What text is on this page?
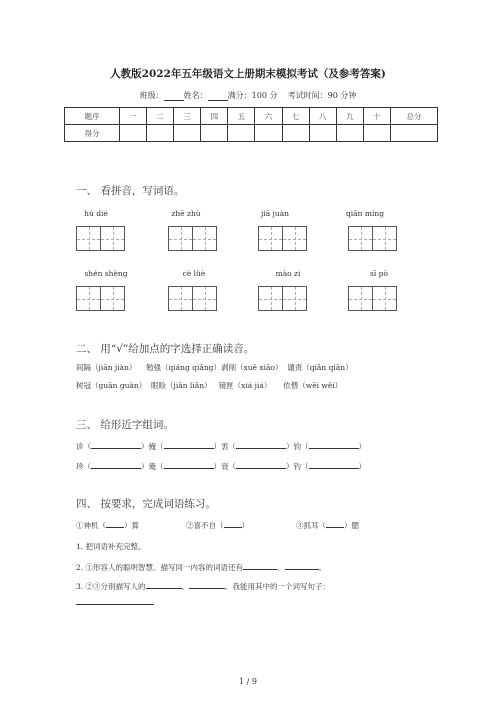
人教版2022年五年级语文上册期末模拟考试（及参考答案)
班级：	姓名：	满分：100 分 考试时间：90 分钟
题序	一	二	三	四	五	六	七	八	九	十	总分
得分											
一、 看拼音，写词语。
hú dié	zhē zhù	jiā juàn	qiān míng
shén shèng	cè lüè	mào zi	sī pò
二、 用“√”给加点的字选择正确读音。
间隔（jiān jiàn）    勉强（qiáng qiǎng）剥削（xuē xiāo）  谴责（qiǎn qiān）
树冠（guān guàn）  眼睑（jiǎn liǎn）   镜匣（xiá jiá）     依偎（wēi wěi）
三、 给形近字组词。
诊（	）掩（	）衷（	）钧（	）
珍（	）俺（	）衰（	）钓（	）
四、 按要求，完成词语练习。
①神机（ ）算	②喜不自（ ）	③抓耳（ ）腮
1. 把词语补充完整。
2. ①形容人的聪明智慧。描写同一内容的词语还有	、	。
3. ②③分别描写人的	、	。我能用其中的一个词写句子：
1 / 9
